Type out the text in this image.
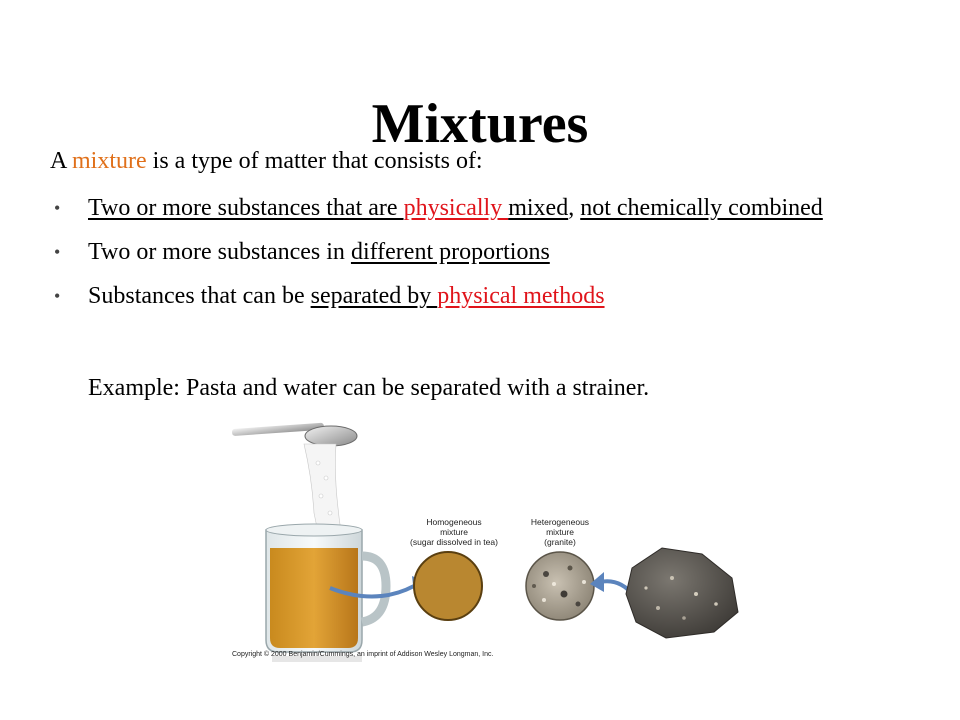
Mixtures

A mixture is a type of matter that consists of:

• Two or more substances that are physically mixed, not chemically combined
• Two or more substances in different proportions
• Substances that can be separated by physical methods

Example: Pasta and water can be separated with a strainer.

Homogeneous
mixture
(sugar dissolved in tea)
Heterogeneous
mixture
(granite)
Copyright © 2000 Benjamin/Cummings, an imprint of Addison Wesley Longman, Inc.
